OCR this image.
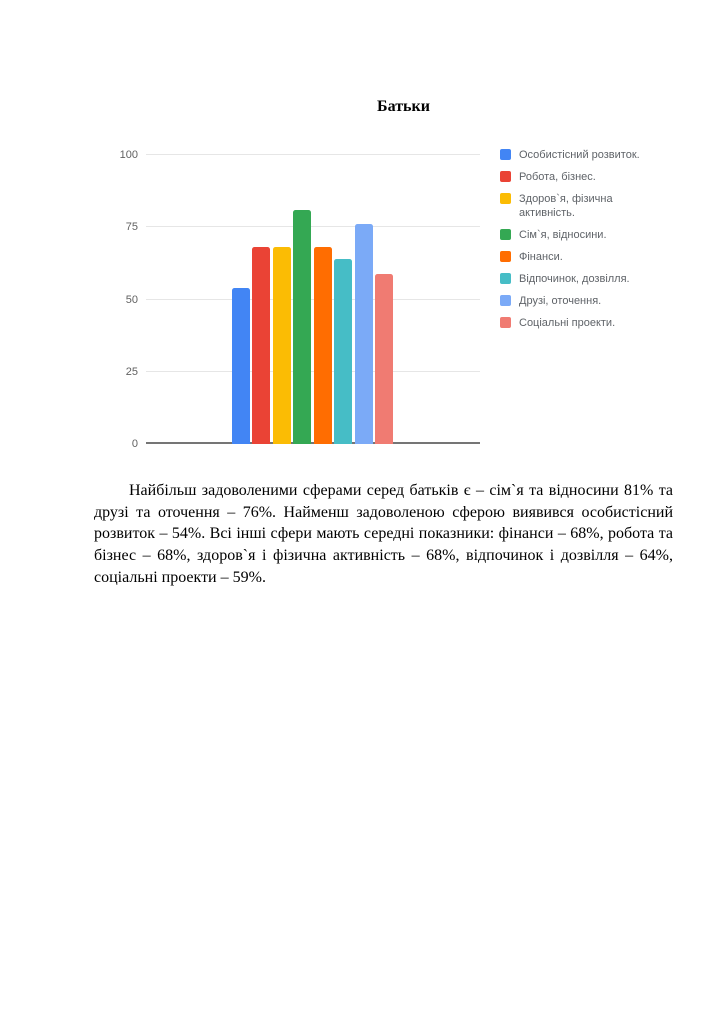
Батьки
0
25
50
75
100	Особистісний розвиток.
Робота, бізнес.
Здоров`я, фізична активність.
Сім`я, відносини.
Фінанси.
Відпочинок, дозвілля.
Друзі, оточення.
Соціальні проекти.

Найбільш задоволеними сферами серед батьків є – сім`я та відносини 81% та друзі та оточення – 76%. Найменш задоволеною сферою виявився особистісний розвиток – 54%. Всі інші сфери мають середні показники: фінанси – 68%, робота та бізнес – 68%, здоров`я і фізична активність – 68%, відпочинок і дозвілля – 64%, соціальні проекти – 59%.
